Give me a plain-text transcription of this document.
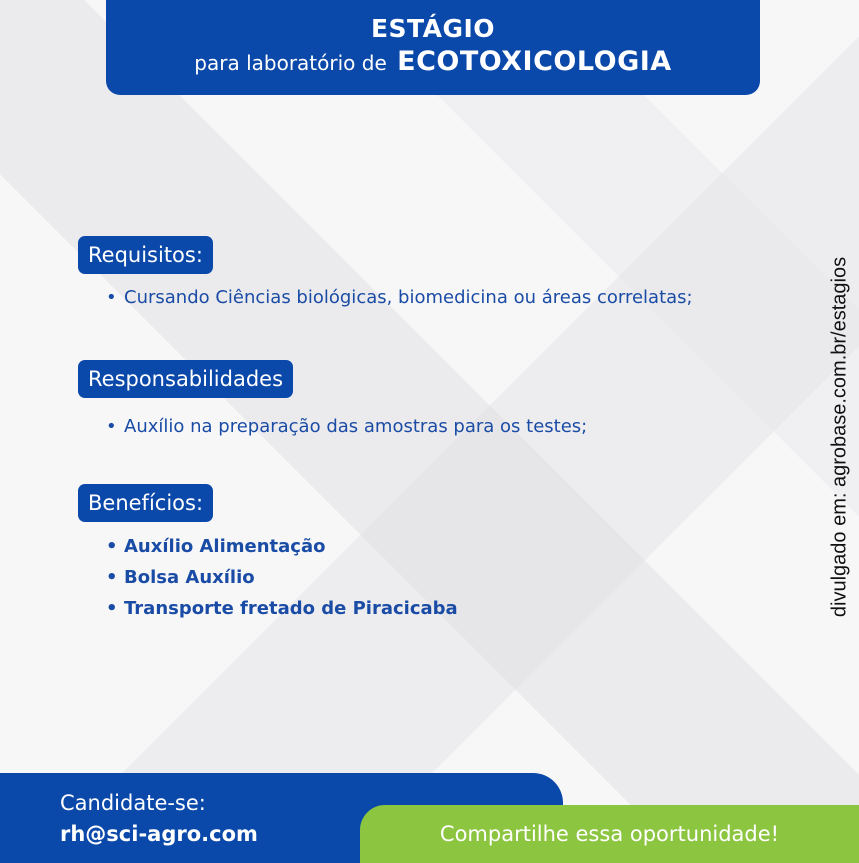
ESTÁGIO
para laboratório de ECOTOXICOLOGIA
Requisitos:
• Cursando Ciências biológicas, biomedicina ou áreas correlatas;
Responsabilidades
• Auxílio na preparação das amostras para os testes;
Benefícios:
• Auxílio Alimentação
• Bolsa Auxílio
• Transporte fretado de Piracicaba	divulgado em: agrobase.com.br/estagios
Candidate-se:
rh@sci-agro.com	Compartilhe essa oportunidade!
